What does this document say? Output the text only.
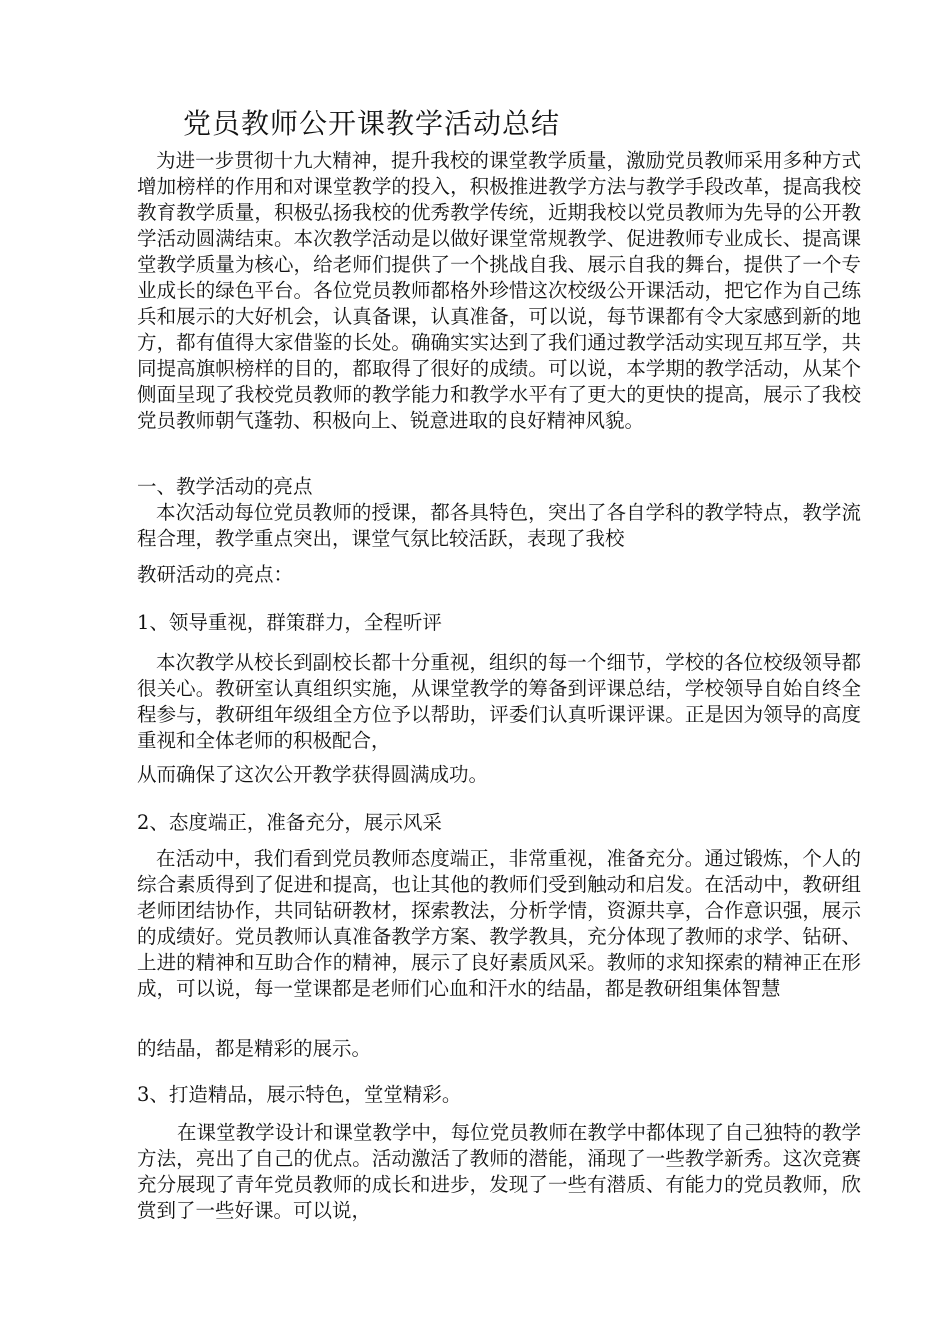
党员教师公开课教学活动总结

为进一步贯彻十九大精神，提升我校的课堂教学质量，激励党员教师采用多种方式增加榜样的作用和对课堂教学的投入，积极推进教学方法与教学手段改革，提高我校教育教学质量，积极弘扬我校的优秀教学传统，近期我校以党员教师为先导的公开教学活动圆满结束。本次教学活动是以做好课堂常规教学、促进教师专业成长、提高课堂教学质量为核心，给老师们提供了一个挑战自我、展示自我的舞台，提供了一个专业成长的绿色平台。各位党员教师都格外珍惜这次校级公开课活动，把它作为自己练兵和展示的大好机会，认真备课，认真准备，可以说，每节课都有令大家感到新的地方，都有值得大家借鉴的长处。确确实实达到了我们通过教学活动实现互邦互学，共同提高旗帜榜样的目的，都取得了很好的成绩。可以说，本学期的教学活动，从某个侧面呈现了我校党员教师的教学能力和教学水平有了更大的更快的提高，展示了我校党员教师朝气蓬勃、积极向上、锐意进取的良好精神风貌。

一、教学活动的亮点

本次活动每位党员教师的授课，都各具特色，突出了各自学科的教学特点，教学流程合理，教学重点突出，课堂气氛比较活跃，表现了我校

教研活动的亮点：

1、领导重视，群策群力，全程听评

本次教学从校长到副校长都十分重视，组织的每一个细节，学校的各位校级领导都很关心。教研室认真组织实施，从课堂教学的筹备到评课总结，学校领导自始自终全程参与，教研组年级组全方位予以帮助，评委们认真听课评课。正是因为领导的高度重视和全体老师的积极配合，

从而确保了这次公开教学获得圆满成功。

2、态度端正，准备充分，展示风采

在活动中，我们看到党员教师态度端正，非常重视，准备充分。通过锻炼，个人的综合素质得到了促进和提高，也让其他的教师们受到触动和启发。在活动中，教研组老师团结协作，共同钻研教材，探索教法，分析学情，资源共享，合作意识强，展示的成绩好。党员教师认真准备教学方案、教学教具，充分体现了教师的求学、钻研、上进的精神和互助合作的精神，展示了良好素质风采。教师的求知探索的精神正在形成，可以说，每一堂课都是老师们心血和汗水的结晶，都是教研组集体智慧

的结晶，都是精彩的展示。

3、打造精品，展示特色，堂堂精彩。

在课堂教学设计和课堂教学中，每位党员教师在教学中都体现了自己独特的教学方法，亮出了自己的优点。活动激活了教师的潜能，涌现了一些教学新秀。这次竞赛充分展现了青年党员教师的成长和进步，发现了一些有潜质、有能力的党员教师，欣赏到了一些好课。可以说，
